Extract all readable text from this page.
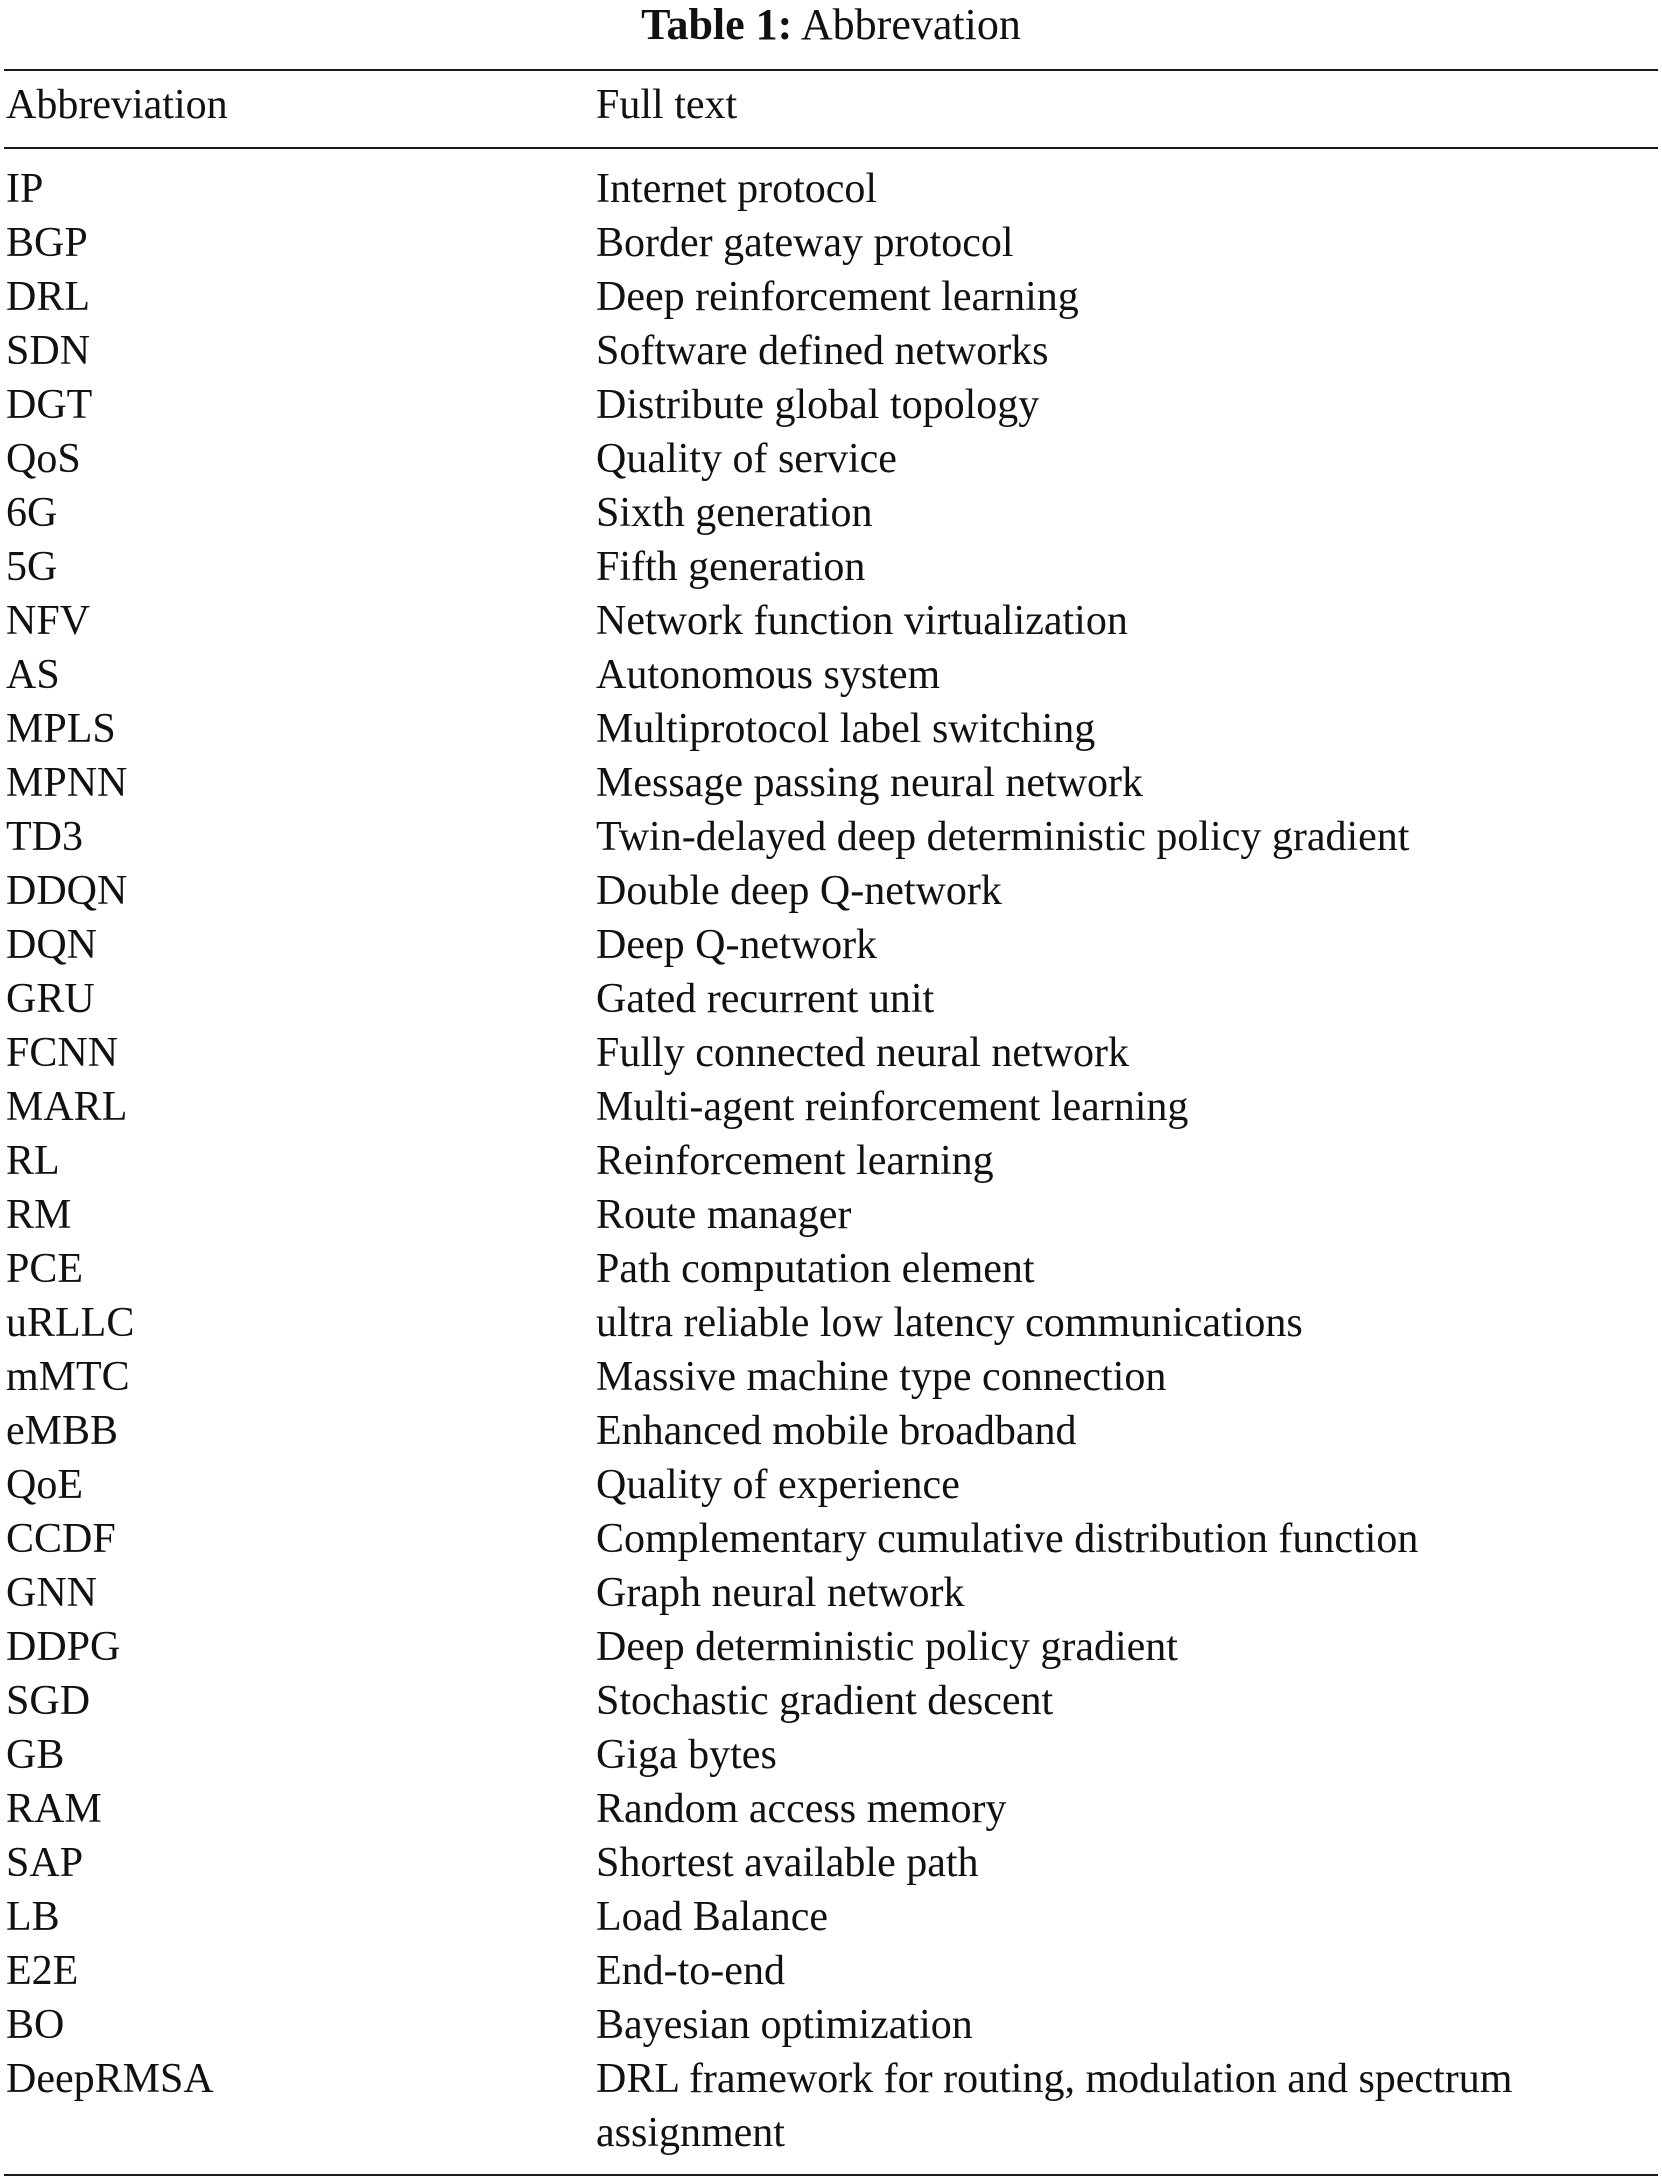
Table 1: Abbrevation
Abbreviation	Full text
IP	Internet protocol
BGP	Border gateway protocol
DRL	Deep reinforcement learning
SDN	Software defined networks
DGT	Distribute global topology
QoS	Quality of service
6G	Sixth generation
5G	Fifth generation
NFV	Network function virtualization
AS	Autonomous system
MPLS	Multiprotocol label switching
MPNN	Message passing neural network
TD3	Twin-delayed deep deterministic policy gradient
DDQN	Double deep Q-network
DQN	Deep Q-network
GRU	Gated recurrent unit
FCNN	Fully connected neural network
MARL	Multi-agent reinforcement learning
RL	Reinforcement learning
RM	Route manager
PCE	Path computation element
uRLLC	ultra reliable low latency communications
mMTC	Massive machine type connection
eMBB	Enhanced mobile broadband
QoE	Quality of experience
CCDF	Complementary cumulative distribution function
GNN	Graph neural network
DDPG	Deep deterministic policy gradient
SGD	Stochastic gradient descent
GB	Giga bytes
RAM	Random access memory
SAP	Shortest available path
LB	Load Balance
E2E	End-to-end
BO	Bayesian optimization
DeepRMSA	DRL framework for routing, modulation and spectrum assignment
